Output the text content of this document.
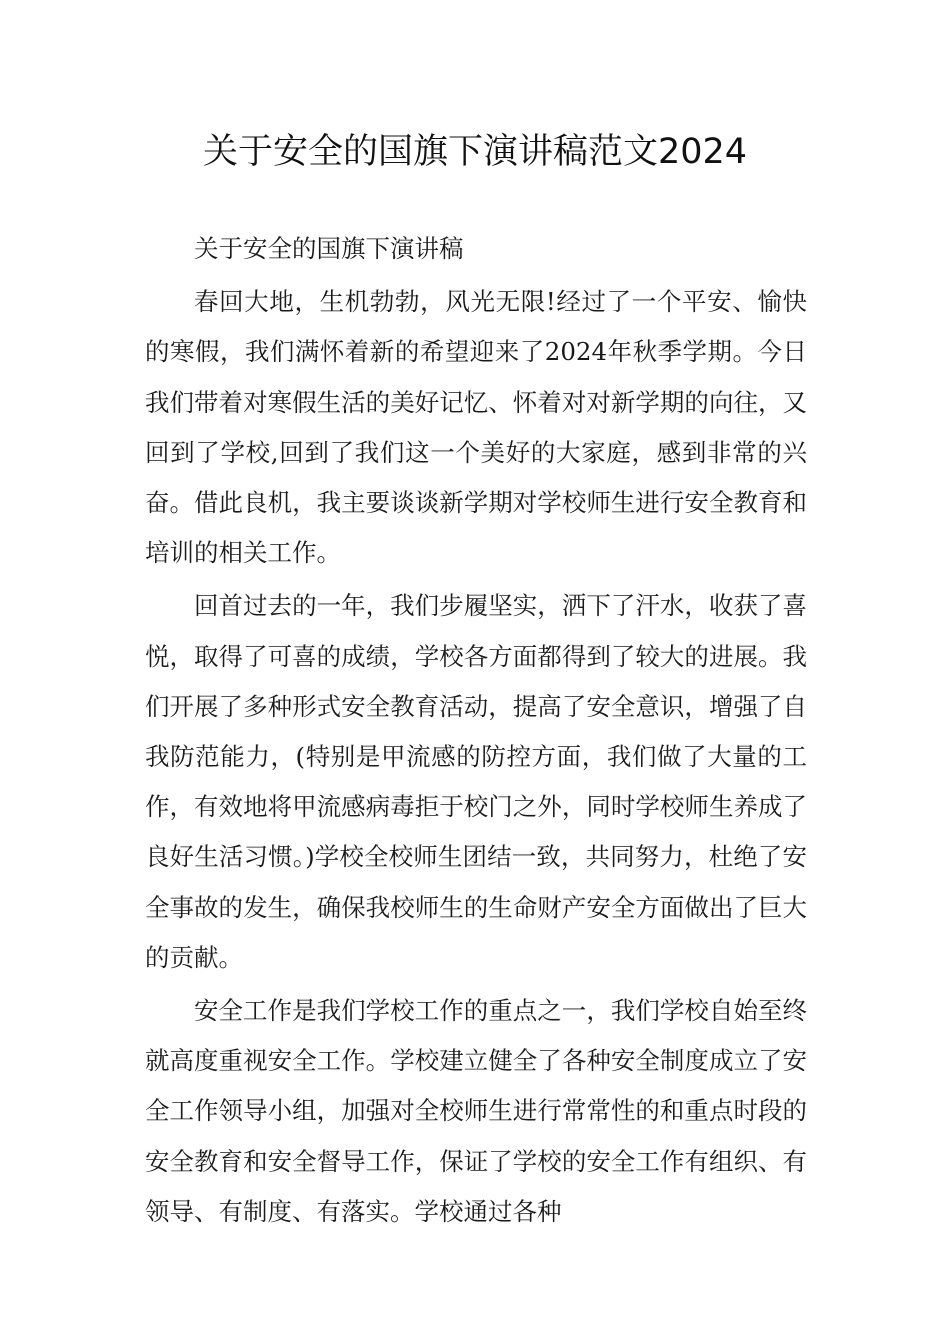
关于安全的国旗下演讲稿范文2024

关于安全的国旗下演讲稿

春回大地，生机勃勃，风光无限!经过了一个平安、愉快的寒假，我们满怀着新的希望迎来了2024年秋季学期。今日我们带着对寒假生活的美好记忆、怀着对对新学期的向往，又回到了学校,回到了我们这一个美好的大家庭，感到非常的兴奋。借此良机，我主要谈谈新学期对学校师生进行安全教育和培训的相关工作。

回首过去的一年，我们步履坚实，洒下了汗水，收获了喜悦，取得了可喜的成绩，学校各方面都得到了较大的进展。我们开展了多种形式安全教育活动，提高了安全意识，增强了自我防范能力，(特别是甲流感的防控方面，我们做了大量的工作，有效地将甲流感病毒拒于校门之外，同时学校师生养成了良好生活习惯。)学校全校师生团结一致，共同努力，杜绝了安全事故的发生，确保我校师生的生命财产安全方面做出了巨大的贡献。

安全工作是我们学校工作的重点之一，我们学校自始至终就高度重视安全工作。学校建立健全了各种安全制度成立了安全工作领导小组，加强对全校师生进行常常性的和重点时段的安全教育和安全督导工作，保证了学校的安全工作有组织、有领导、有制度、有落实。学校通过各种
